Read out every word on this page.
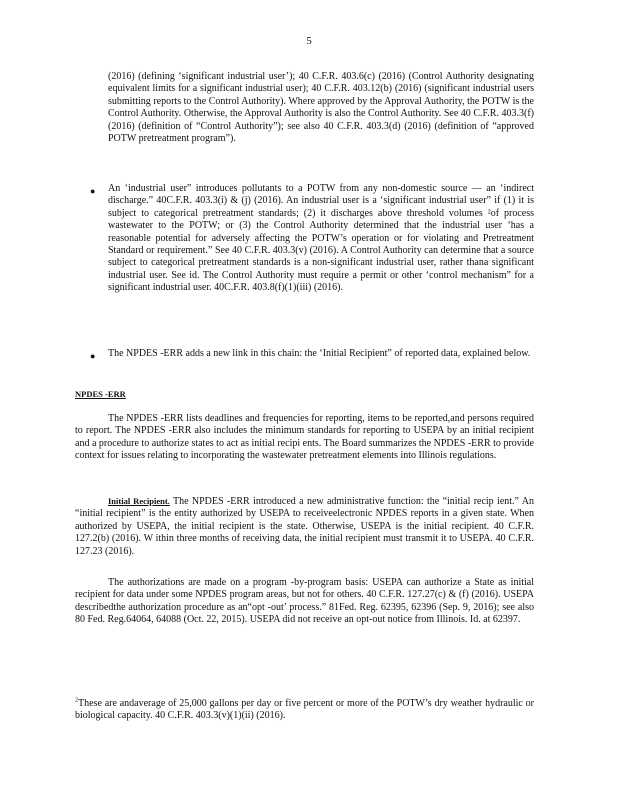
5

(2016) (defining ‘significant industrial user’); 40 C.F.R. 403.6(c) (2016) (Control Authority designating equivalent limits for a significant industrial user); 40 C.F.R. 403.12(b) (2016) (significant industrial users submitting reports to the Control Authority). Where approved by the Approval Authority, the POTW is the Control Authority. Otherwise, the Approval Authority is also the Control Authority. See 40 C.F.R. 403.3(f) (2016) (definition of “Control Authority”); see also 40 C.F.R. 403.3(d) (2016) (definition of “approved POTW pretreatment program”).

● An ‘industrial user” introduces pollutants to a POTW from any non-domestic source — an ‘indirect discharge.” 40C.F.R. 403.3(i) & (j) (2016). An industrial user is a ‘significant industrial user” if (1) it is subject to categorical pretreatment standards; (2) it discharges above threshold volumes ²of process wastewater to the POTW; or (3) the Control Authority determined that the industrial user ‘has a reasonable potential for adversely affecting the POTW’s operation or for violating and Pretreatment Standard or requirement.” See 40 C.F.R. 403.3(v) (2016). A Control Authority can determine that a source subject to categorical pretreatment standards is a non-significant industrial user, rather thana significant industrial user. See id. The Control Authority must require a permit or other ‘control mechanism” for a significant industrial user. 40C.F.R. 403.8(f)(1)(iii) (2016).

● The NPDES -ERR adds a new link in this chain: the ‘Initial Recipient” of reported data, explained below.

NPDES -ERR

The NPDES -ERR lists deadlines and frequencies for reporting, items to be reported,and persons required to report. The NPDES -ERR also includes the minimum standards for reporting to USEPA by an initial recipient and a procedure to authorize states to act as initial recipi ents. The Board summarizes the NPDES -ERR to provide context for issues relating to incorporating the wastewater pretreatment elements into Illinois regulations.

Initial Recipient. The NPDES -ERR introduced a new administrative function: the “initial recip ient.” An “initial recipient” is the entity authorized by USEPA to receiveelectronic NPDES reports in a given state. When authorized by USEPA, the initial recipient is the state. Otherwise, USEPA is the initial recipient. 40 C.F.R. 127.2(b) (2016). W ithin three months of receiving data, the initial recipient must transmit it to USEPA. 40 C.F.R. 127.23 (2016).

The authorizations are made on a program -by-program basis: USEPA can authorize a State as initial recipient for data under some NPDES program areas, but not for others. 40 C.F.R. 127.27(c) & (f) (2016). USEPA describedthe authorization procedure as an“opt -out’ process.” 81Fed. Reg. 62395, 62396 (Sep. 9, 2016); see also 80 Fed. Reg.64064, 64088 (Oct. 22, 2015). USEPA did not receive an opt-out notice from Illinois. Id. at 62397.

$^2$These are andaverage of 25,000 gallons per day or five percent or more of the POTW’s dry weather hydraulic or biological capacity. 40 C.F.R. 403.3(v)(1)(ii) (2016).
